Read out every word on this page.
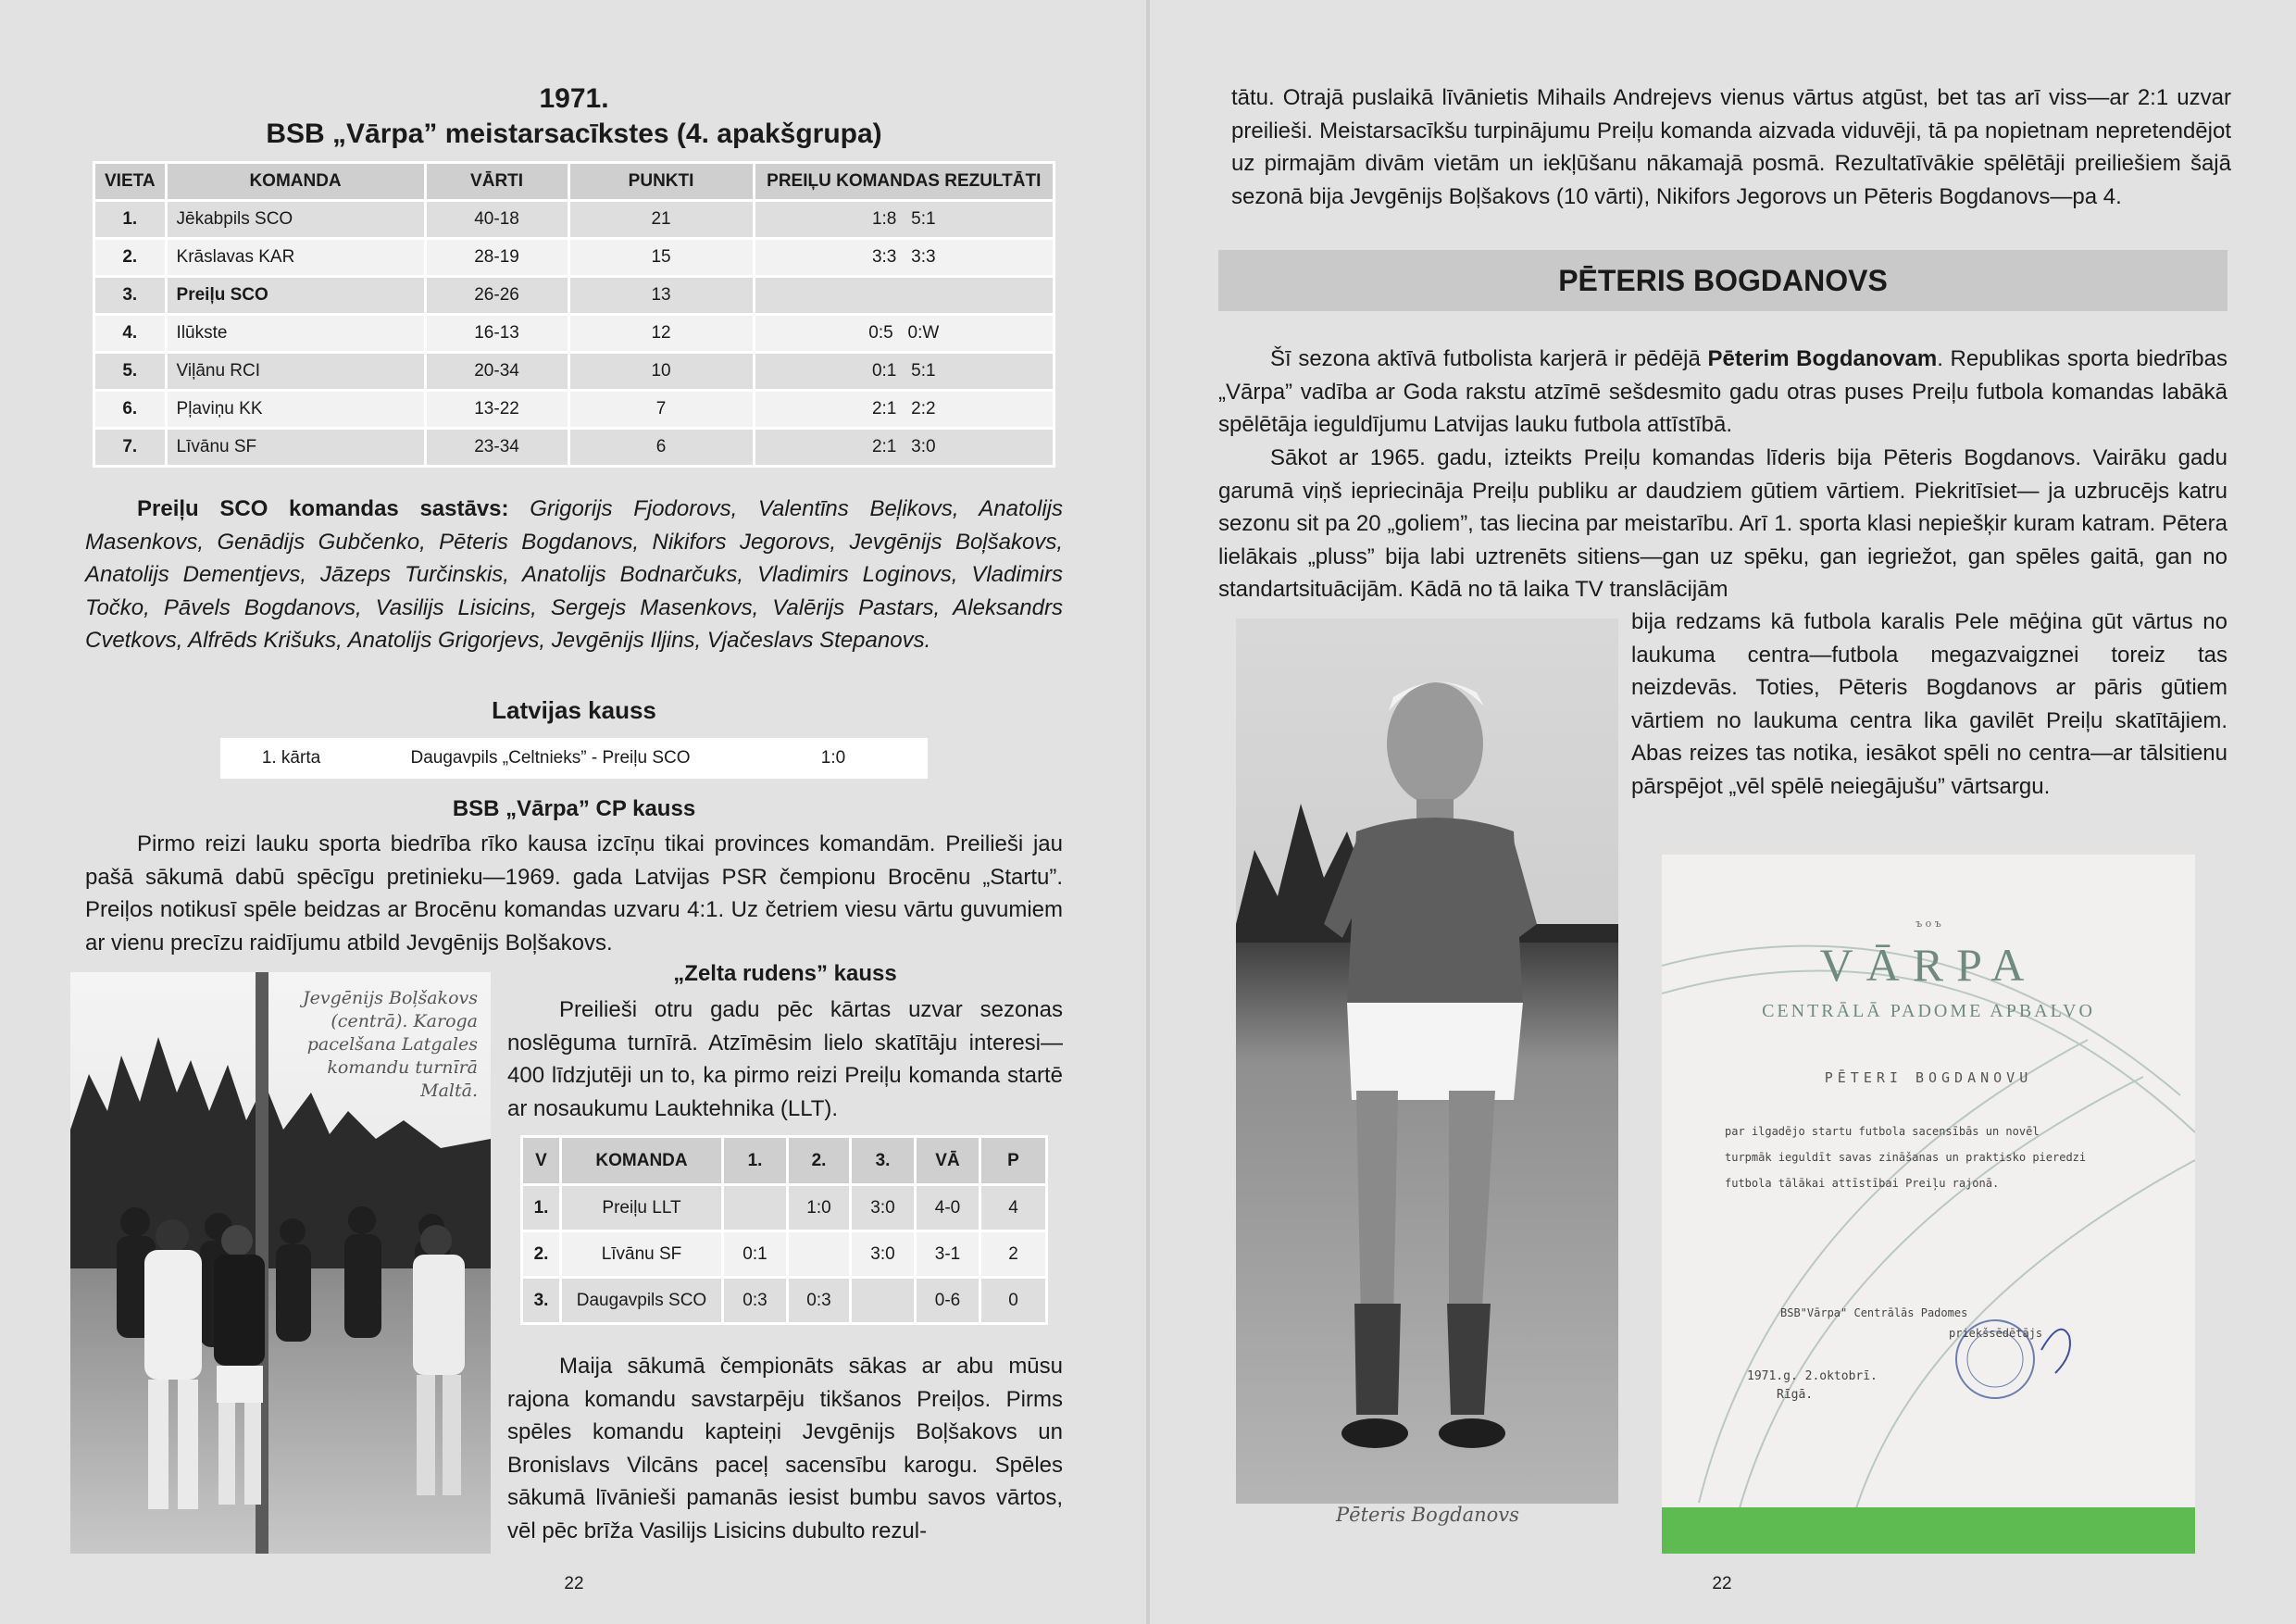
1971.
BSB „Vārpa” meistarsacīkstes (4. apakšgrupa)
VIETA	KOMANDA	VĀRTI	PUNKTI	PREIĻU KOMANDAS REZULTĀTI
1.	Jēkabpils SCO	40-18	21	1:8   5:1
2.	Krāslavas KAR	28-19	15	3:3   3:3
3.	Preiļu SCO	26-26	13	
4.	Ilūkste	16-13	12	0:5   0:W
5.	Viļānu RCI	20-34	10	0:1   5:1
6.	Pļaviņu KK	13-22	7	2:1   2:2
7.	Līvānu SF	23-34	6	2:1   3:0
Preiļu SCO komandas sastāvs: Grigorijs Fjodorovs, Valentīns Beļikovs, Anatolijs Masenkovs, Genādijs Gubčenko, Pēteris Bogdanovs, Nikifors Jegorovs, Jevgēnijs Boļšakovs, Anatolijs Dementjevs, Jāzeps Turčinskis, Anatolijs Bodnarčuks, Vladimirs Loginovs, Vladimirs Točko, Pāvels Bogdanovs, Vasilijs Lisicins, Sergejs Masenkovs, Valērijs Pastars, Aleksandrs Cvetkovs, Alfrēds Krišuks, Anatolijs Grigorjevs, Jevgēnijs Iljins, Vjačeslavs Stepanovs.
Latvijas kauss
1. kārta	Daugavpils „Celtnieks” - Preiļu SCO	1:0
BSB „Vārpa” CP kauss
Pirmo reizi lauku sporta biedrība rīko kausa izcīņu tikai provinces komandām. Preilieši jau pašā sākumā dabū spēcīgu pretinieku—1969. gada Latvijas PSR čempionu Brocēnu „Startu”. Preiļos notikusī spēle beidzas ar Brocēnu komandas uzvaru 4:1. Uz četriem viesu vārtu guvumiem ar vienu precīzu raidījumu atbild Jevgēnijs Boļšakovs.
Jevgēnijs Boļšakovs (centrā). Karoga pacelšana Latgales komandu turnīrā Maltā.
„Zelta rudens” kauss
Preilieši otru gadu pēc kārtas uzvar sezonas noslēguma turnīrā. Atzīmēsim lielo skatītāju interesi—400 līdzjutēji un to, ka pirmo reizi Preiļu komanda startē ar nosaukumu Lauktehnika (LLT).
V	KOMANDA	1.	2.	3.	VĀ	P
1.	Preiļu LLT		1:0	3:0	4-0	4
2.	Līvānu SF	0:1		3:0	3-1	2
3.	Daugavpils SCO	0:3	0:3		0-6	0
Maija sākumā čempionāts sākas ar abu mūsu rajona komandu savstarpēju tikšanos Preiļos. Pirms spēles komandu kapteiņi Jevgēnijs Boļšakovs un Bronislavs Vilcāns paceļ sacensību karogu. Spēles sākumā līvānieši pamanās iesist bumbu savos vārtos, vēl pēc brīža Vasilijs Lisicins dubulto rezul-
22
tātu. Otrajā puslaikā līvānietis Mihails Andrejevs vienus vārtus atgūst, bet tas arī viss—ar 2:1 uzvar preilieši. Meistarsacīkšu turpinājumu Preiļu komanda aizvada viduvēji, tā pa nopietnam nepretendējot uz pirmajām divām vietām un iekļūšanu nākamajā posmā. Rezultatīvākie spēlētāji preiliešiem šajā sezonā bija Jevgēnijs Boļšakovs (10 vārti), Nikifors Jegorovs un Pēteris Bogdanovs—pa 4.
PĒTERIS BOGDANOVS
Šī sezona aktīvā futbolista karjerā ir pēdējā Pēterim Bogdanovam. Republikas sporta biedrības „Vārpa” vadība ar Goda rakstu atzīmē sešdesmito gadu otras puses Preiļu futbola komandas labākā spēlētāja ieguldījumu Latvijas lauku futbola attīstībā.
Sākot ar 1965. gadu, izteikts Preiļu komandas līderis bija Pēteris Bogdanovs. Vairāku gadu garumā viņš iepriecināja Preiļu publiku ar daudziem gūtiem vārtiem. Piekritīsiet— ja uzbrucējs katru sezonu sit pa 20 „goliem”, tas liecina par meistarību. Arī 1. sporta klasi nepiešķir kuram katram. Pētera lielākais „pluss” bija labi uztrenēts sitiens—gan uz spēku, gan iegriežot, gan spēles gaitā, gan no standartsituācijām. Kādā no tā laika TV translācijām
Pēteris Bogdanovs
bija redzams kā futbola karalis Pele mēģina gūt vārtus no laukuma centra—futbola megazvaigznei toreiz tas neizdevās. Toties, Pēteris Bogdanovs ar pāris gūtiem vārtiem no laukuma centra lika gavilēt Preiļu skatītājiem. Abas reizes tas notika, iesākot spēli no centra—ar tālsitienu pārspējot „vēl spēlē neiegājušu” vārtsargu.
ъ о ъ
VĀRPA
CENTRĀLĀ PADOME APBALVO
PĒTERI BOGDANOVU
par ilgadējo startu futbola sacensībās un novēl
turpmāk ieguldīt savas zināšanas un praktisko pieredzi
futbola tālākai attīstībai Preiļu rajonā.
BSB"Vārpa" Centrālās Padomes
priekšsēdētājs
1971.g. 2.oktobrī.
Rīgā.
22
